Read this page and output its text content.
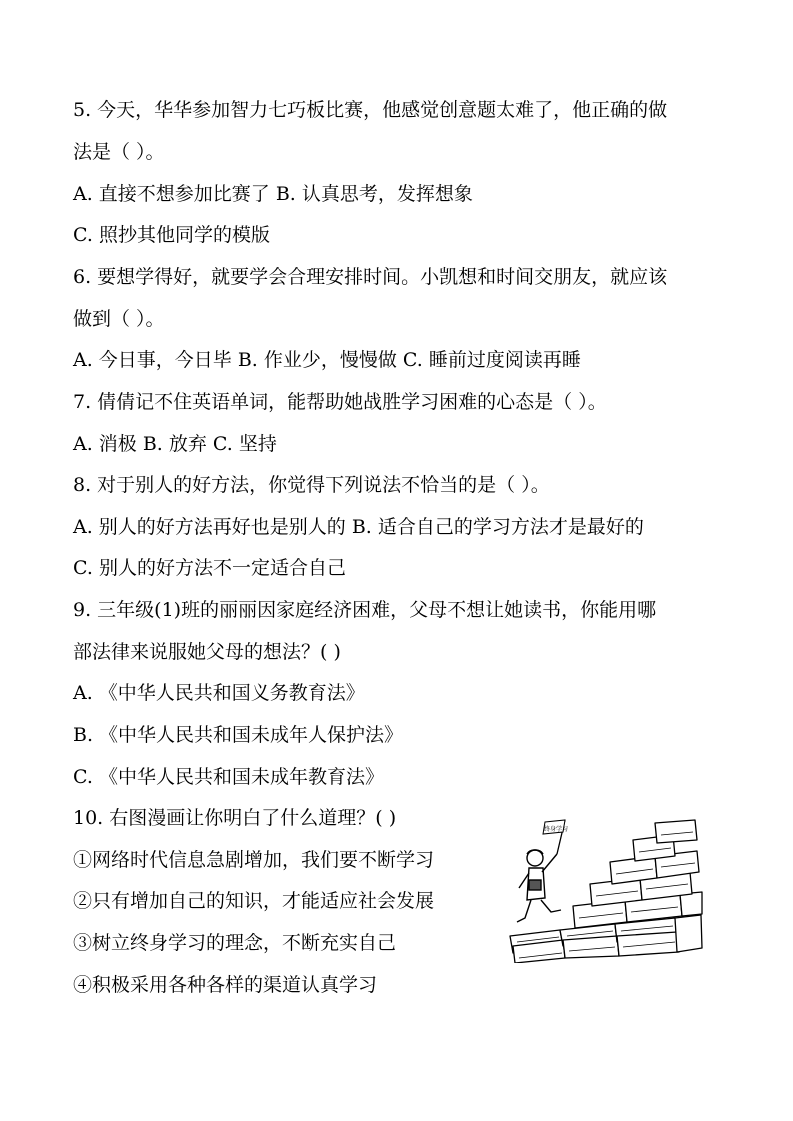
5. 今天，华华参加智力七巧板比赛，他感觉创意题太难了，他正确的做
法是（ ）。
A. 直接不想参加比赛了 B. 认真思考，发挥想象
C. 照抄其他同学的模版
6. 要想学得好，就要学会合理安排时间。小凯想和时间交朋友，就应该
做到（ ）。
A. 今日事，今日毕 B. 作业少，慢慢做 C. 睡前过度阅读再睡
7. 倩倩记不住英语单词，能帮助她战胜学习困难的心态是（ ）。
A. 消极 B. 放弃 C. 坚持
8. 对于别人的好方法，你觉得下列说法不恰当的是（ ）。
A. 别人的好方法再好也是别人的 B. 适合自己的学习方法才是最好的
C. 别人的好方法不一定适合自己
9. 三年级(1)班的丽丽因家庭经济困难，父母不想让她读书，你能用哪
部法律来说服她父母的想法？( )
A. 《中华人民共和国义务教育法》
B. 《中华人民共和国未成年人保护法》
C. 《中华人民共和国未成年教育法》
10. 右图漫画让你明白了什么道理？( )
①网络时代信息急剧增加，我们要不断学习
②只有增加自己的知识，才能适应社会发展
③树立终身学习的理念，不断充实自己
④积极采用各种各样的渠道认真学习
终身学习
